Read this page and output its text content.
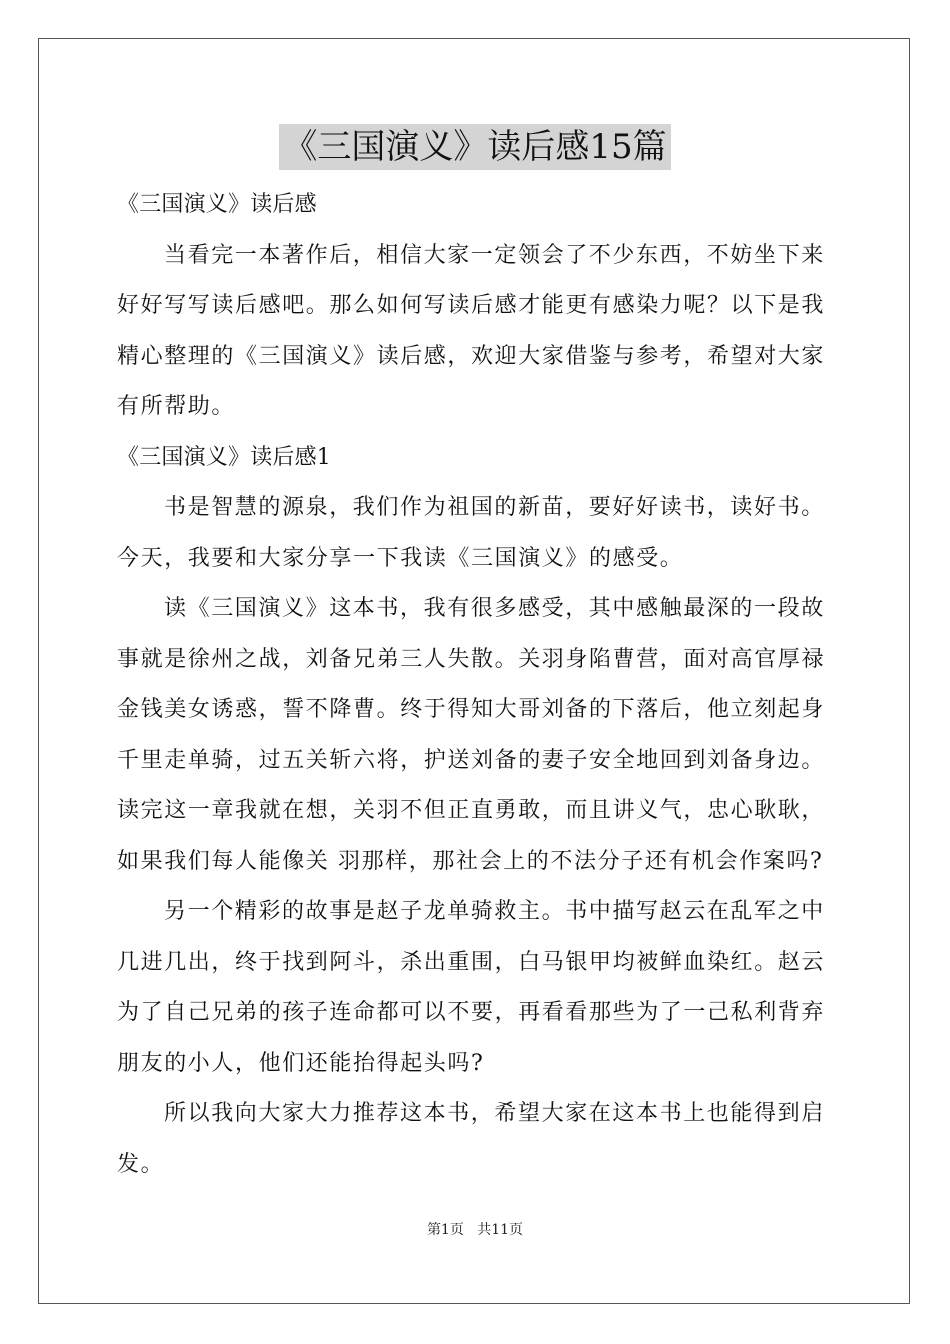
《三国演义》读后感15篇
《三国演义》读后感
当看完一本著作后，相信大家一定领会了不少东西，不妨坐下来
好好写写读后感吧。那么如何写读后感才能更有感染力呢？以下是我
精心整理的《三国演义》读后感，欢迎大家借鉴与参考，希望对大家
有所帮助。
《三国演义》读后感1
书是智慧的源泉，我们作为祖国的新苗，要好好读书，读好书。
今天，我要和大家分享一下我读《三国演义》的感受。
读《三国演义》这本书，我有很多感受，其中感触最深的一段故
事就是徐州之战，刘备兄弟三人失散。关羽身陷曹营，面对高官厚禄
金钱美女诱惑，誓不降曹。终于得知大哥刘备的下落后，他立刻起身
千里走单骑，过五关斩六将，护送刘备的妻子安全地回到刘备身边。
读完这一章我就在想，关羽不但正直勇敢，而且讲义气，忠心耿耿，
如果我们每人能像关 羽那样，那社会上的不法分子还有机会作案吗?
另一个精彩的故事是赵子龙单骑救主。书中描写赵云在乱军之中
几进几出，终于找到阿斗，杀出重围，白马银甲均被鲜血染红。赵云
为了自己兄弟的孩子连命都可以不要，再看看那些为了一己私利背弃
朋友的小人，他们还能抬得起头吗?
所以我向大家大力推荐这本书，希望大家在这本书上也能得到启
发。
第1页 共11页
